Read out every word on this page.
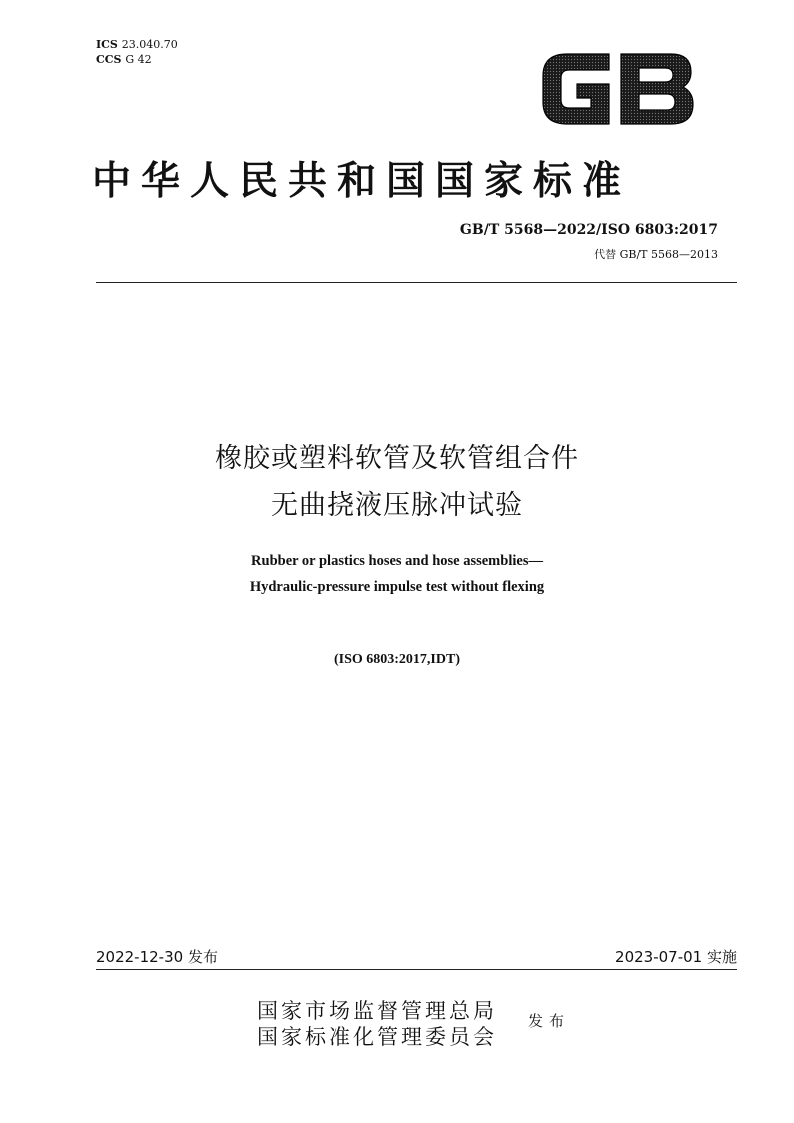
ICS 23.040.70
CCS G 42
中华人民共和国国家标准
GB/T 5568—2022/ISO 6803:2017
代替 GB/T 5568—2013
橡胶或塑料软管及软管组合件
无曲挠液压脉冲试验
Rubber or plastics hoses and hose assemblies—
Hydraulic-pressure impulse test without flexing
(ISO 6803:2017,IDT)
2022-12-30 发布	2023-07-01 实施
国家市场监督管理总局
国家标准化管理委员会
发布
